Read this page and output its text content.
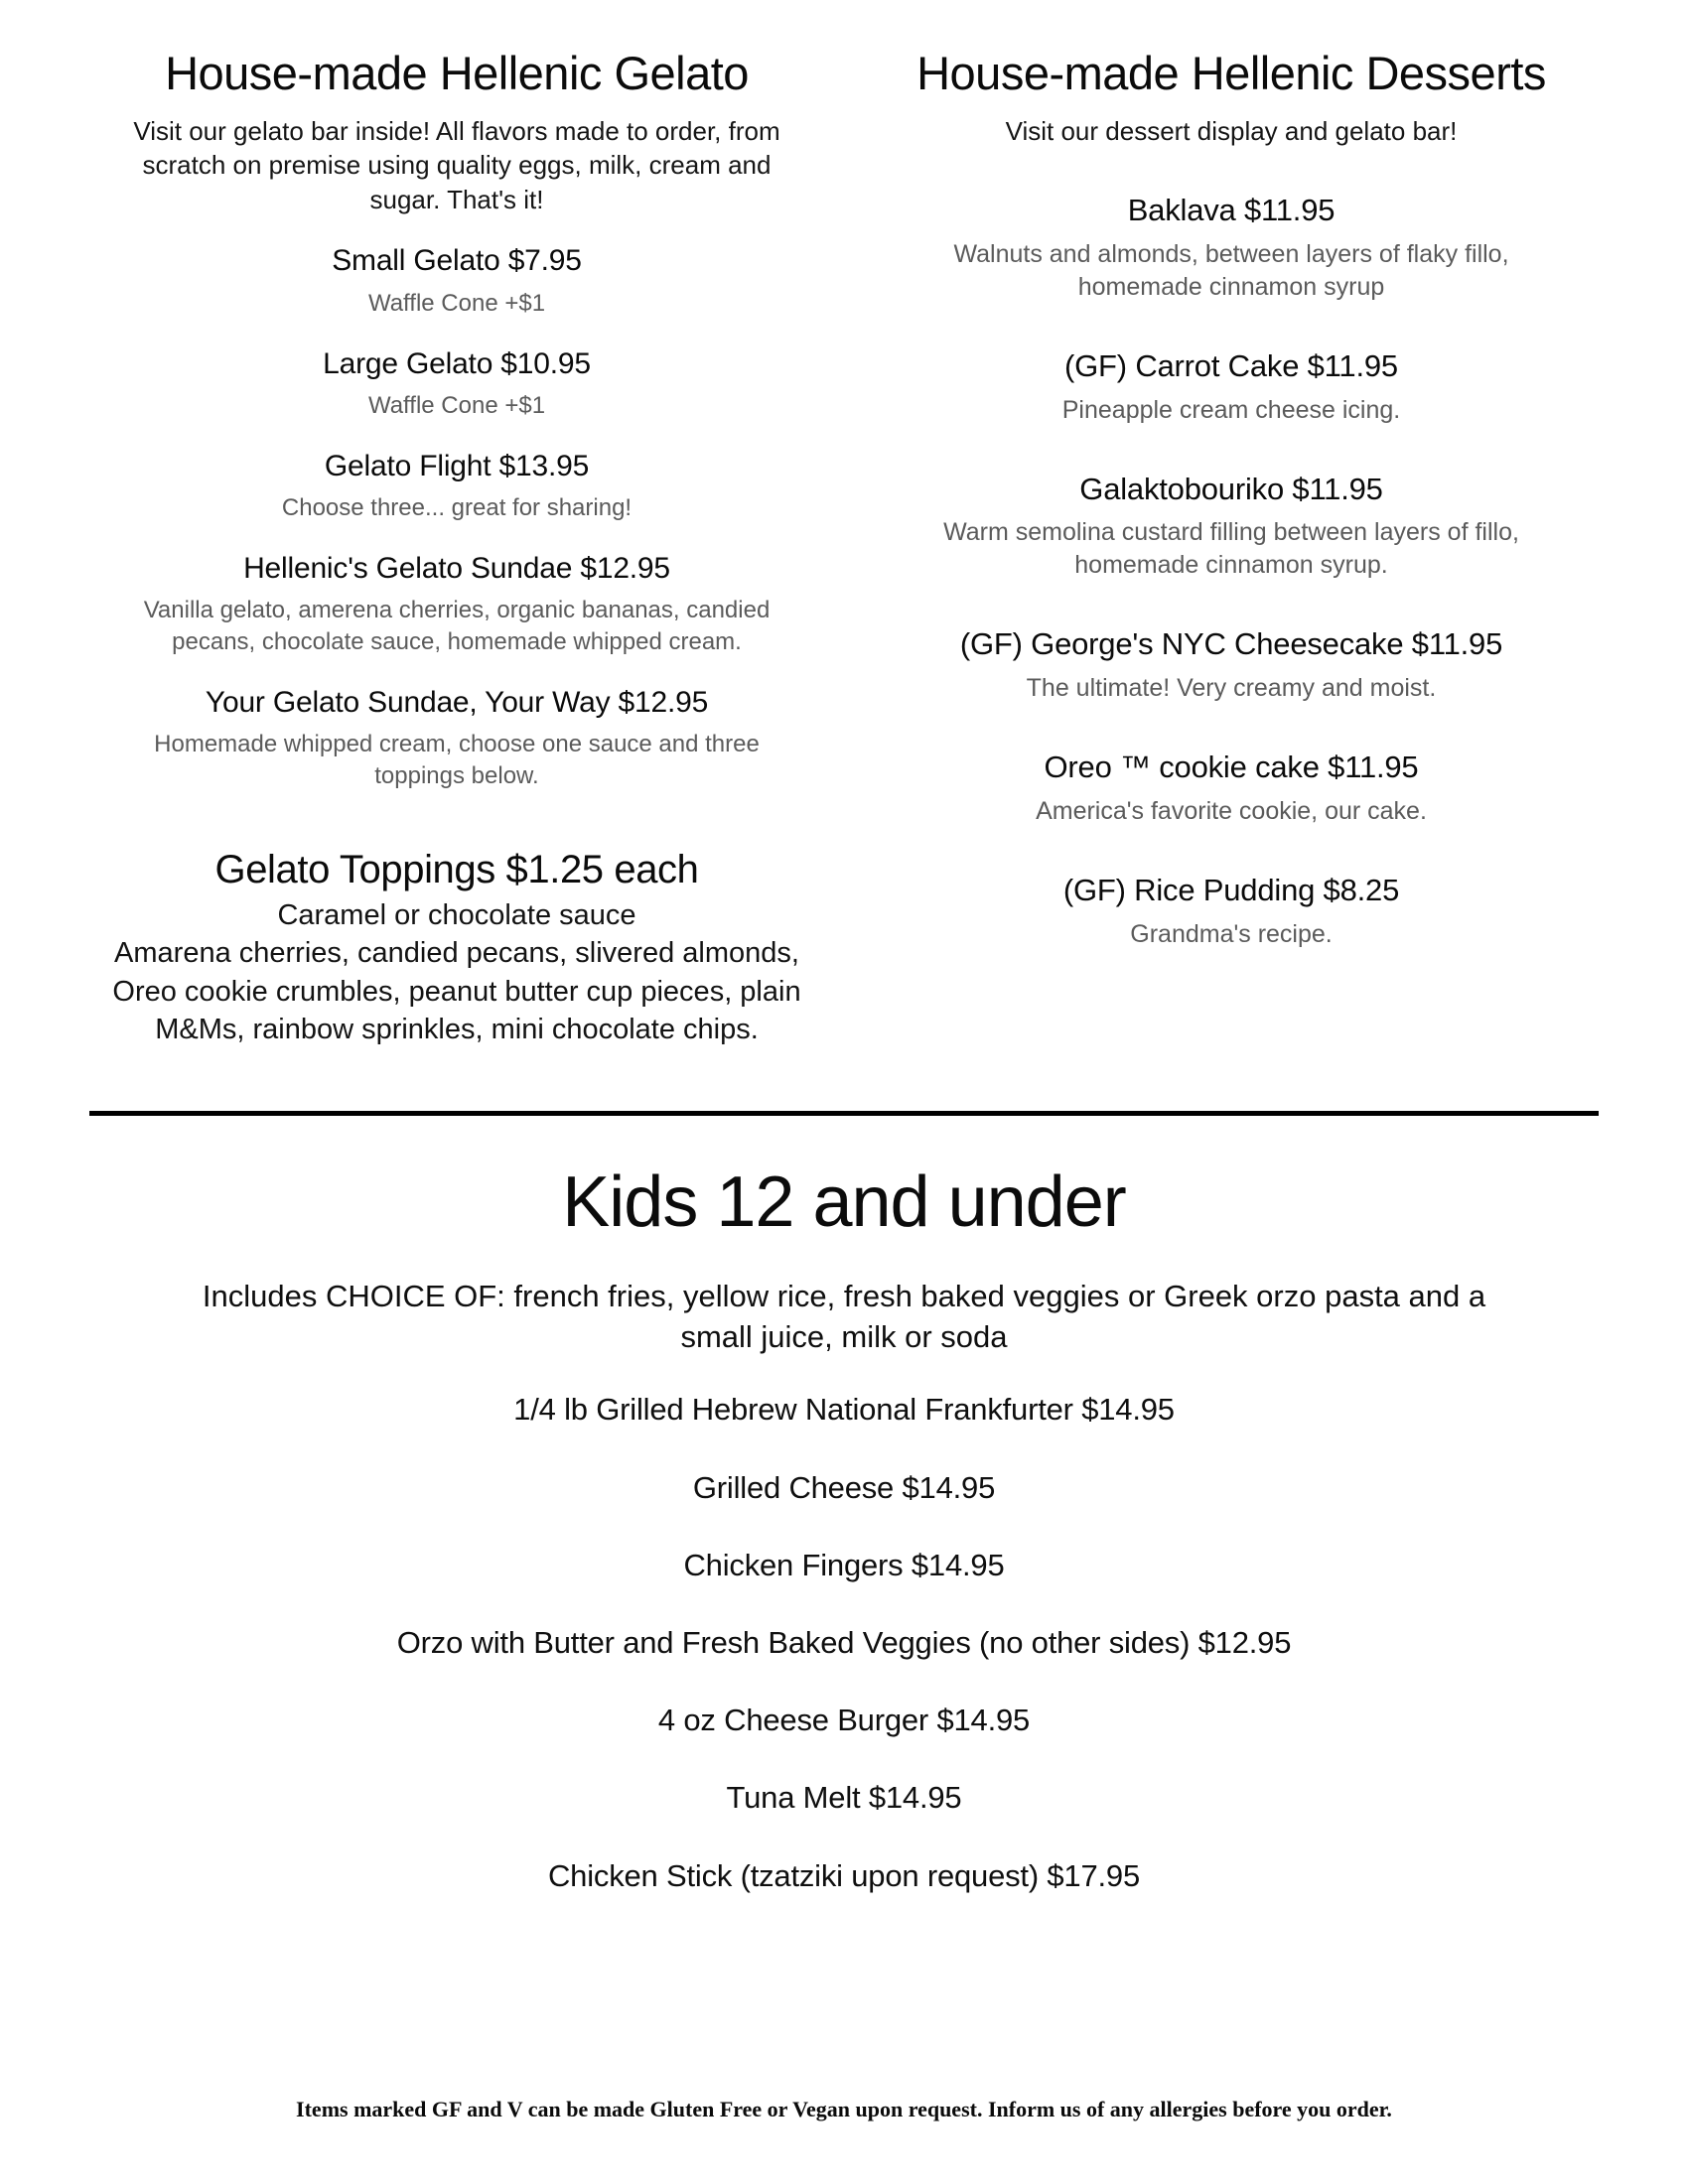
House-made Hellenic Gelato

Visit our gelato bar inside! All flavors made to order, from scratch on premise using quality eggs, milk, cream and sugar. That's it!

Small Gelato $7.95
Waffle Cone +$1
Large Gelato $10.95
Waffle Cone +$1
Gelato Flight $13.95
Choose three... great for sharing!
Hellenic's Gelato Sundae $12.95
Vanilla gelato, amerena cherries, organic bananas, candied pecans, chocolate sauce, homemade whipped cream.
Your Gelato Sundae, Your Way $12.95
Homemade whipped cream, choose one sauce and three toppings below.
Gelato Toppings $1.25 each
Caramel or chocolate sauce
Amarena cherries, candied pecans, slivered almonds, Oreo cookie crumbles, peanut butter cup pieces, plain M&Ms, rainbow sprinkles, mini chocolate chips.
House-made Hellenic Desserts

Visit our dessert display and gelato bar!

Baklava $11.95
Walnuts and almonds, between layers of flaky fillo, homemade cinnamon syrup
(GF) Carrot Cake $11.95
Pineapple cream cheese icing.
Galaktobouriko $11.95
Warm semolina custard filling between layers of fillo, homemade cinnamon syrup.
(GF) George's NYC Cheesecake $11.95
The ultimate! Very creamy and moist.
Oreo ™ cookie cake $11.95
America's favorite cookie, our cake.
(GF) Rice Pudding $8.25
Grandma's recipe.
Kids 12 and under

Includes CHOICE OF: french fries, yellow rice, fresh baked veggies or Greek orzo pasta and a small juice, milk or soda

1/4 lb Grilled Hebrew National Frankfurter $14.95
Grilled Cheese $14.95
Chicken Fingers $14.95
Orzo with Butter and Fresh Baked Veggies (no other sides) $12.95
4 oz Cheese Burger $14.95
Tuna Melt $14.95
Chicken Stick (tzatziki upon request) $17.95
Items marked GF and V can be made Gluten Free or Vegan upon request. Inform us of any allergies before you order.
